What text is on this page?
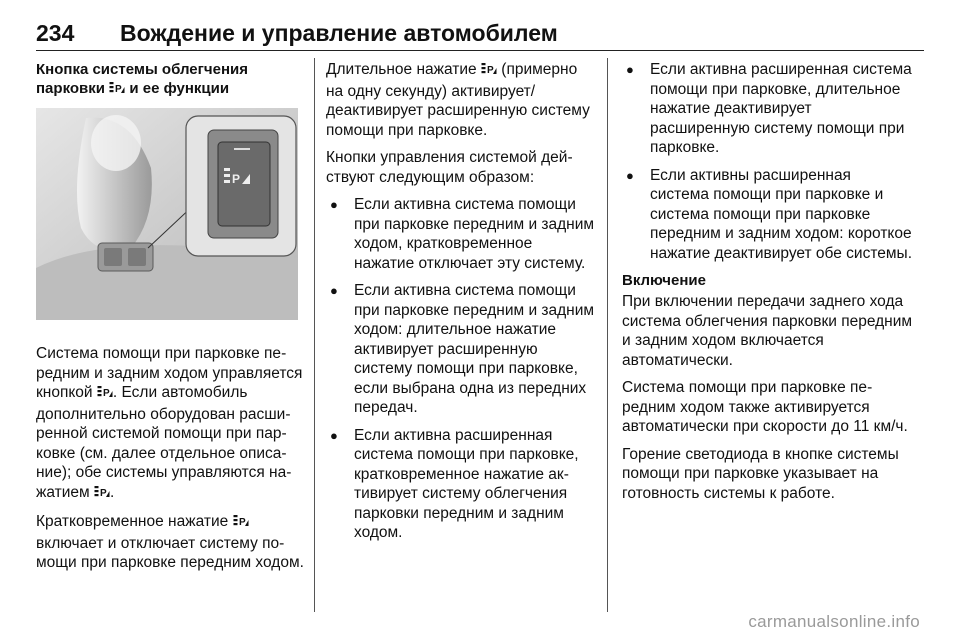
234 Вождение и управление автомобилем
Кнопка системы облегчения
парковки P и ее функции
P

Система помощи при парковке передним и задним ходом управляется кнопкой P . Если автомобиль дополнительно оборудован расширенной системой помощи при парковке (см. далее отдельное описание); обе системы управляются нажатием P .

Кратковременное нажатие P
включает и отключает систему помощи при парковке передним ходом.

Длительное нажатие P (примерно на одну секунду) активирует/ деактивирует расширенную систему помощи при парковке.

Кнопки управления системой действуют следующим образом:

● Если активна система помощи при парковке передним и задним ходом, кратковременное нажатие отключает эту систему.
● Если активна система помощи при парковке передним и задним ходом: длительное нажатие активирует расширенную систему помощи при парковке, если выбрана одна из передних передач.
● Если активна расширенная система помощи при парковке, кратковременное нажатие активирует систему облегчения парковки передним и задним ходом.
● Если активна расширенная система помощи при парковке, длительное нажатие деактивирует расширенную систему помощи при парковке.
● Если активны расширенная система помощи при парковке и система помощи при парковке передним и задним ходом: короткое нажатие деактивирует обе системы.
Включение

При включении передачи заднего хода система облегчения парковки передним и задним ходом включается автоматически.

Система помощи при парковке передним ходом также активируется автоматически при скорости до 11 км/ч.

Горение светодиода в кнопке системы помощи при парковке указывает на готовность системы к работе.

carmanualsonline.info
